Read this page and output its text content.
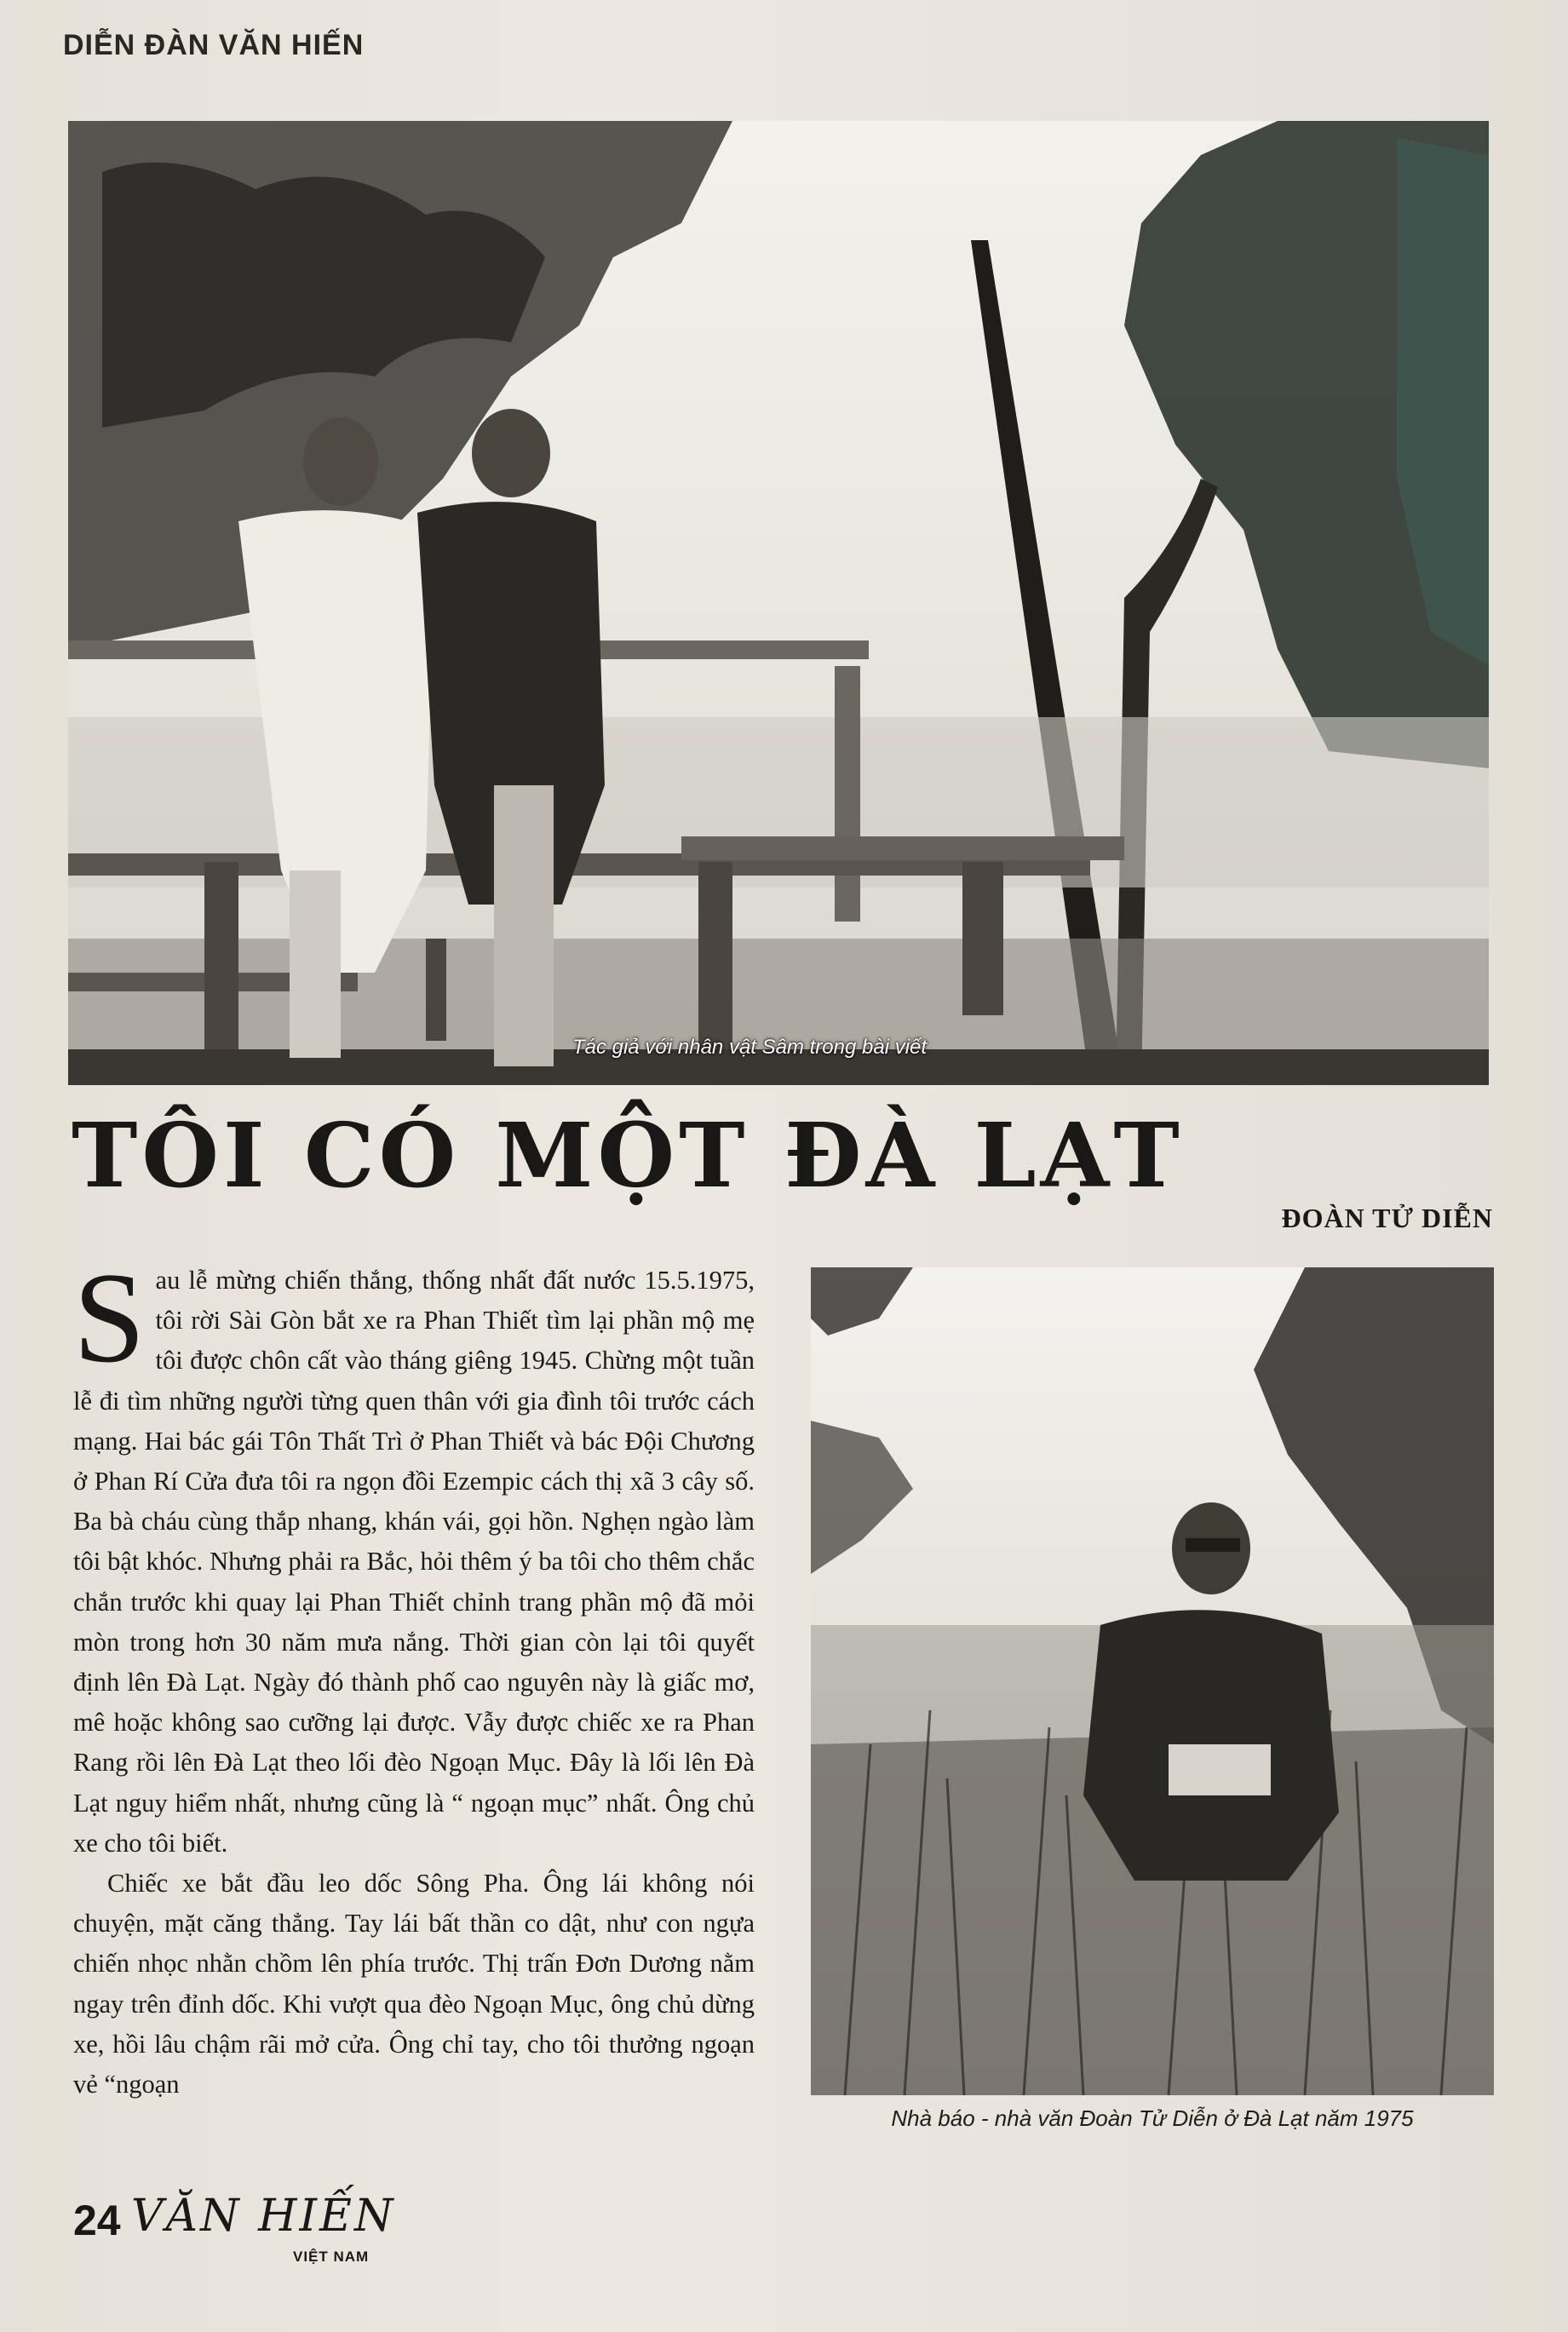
DIỄN ĐÀN VĂN HIẾN
Tác giả với nhân vật Sâm trong bài viết
TÔI CÓ MỘT ĐÀ LẠT
ĐOÀN TỬ DIỄN

Sau lễ mừng chiến thắng, thống nhất đất nước 15.5.1975, tôi rời Sài Gòn bắt xe ra Phan Thiết tìm lại phần mộ mẹ tôi được chôn cất vào tháng giêng 1945. Chừng một tuần lễ đi tìm những người từng quen thân với gia đình tôi trước cách mạng. Hai bác gái Tôn Thất Trì ở Phan Thiết và bác Đội Chương ở Phan Rí Cửa đưa tôi ra ngọn đồi Ezempic cách thị xã 3 cây số. Ba bà cháu cùng thắp nhang, khán vái, gọi hồn. Nghẹn ngào làm tôi bật khóc. Nhưng phải ra Bắc, hỏi thêm ý ba tôi cho thêm chắc chắn trước khi quay lại Phan Thiết chỉnh trang phần mộ đã mỏi mòn trong hơn 30 năm mưa nắng. Thời gian còn lại tôi quyết định lên Đà Lạt. Ngày đó thành phố cao nguyên này là giấc mơ, mê hoặc không sao cưỡng lại được. Vẫy được chiếc xe ra Phan Rang rồi lên Đà Lạt theo lối đèo Ngoạn Mục. Đây là lối lên Đà Lạt nguy hiểm nhất, nhưng cũng là “ ngoạn mục” nhất. Ông chủ xe cho tôi biết.

Chiếc xe bắt đầu leo dốc Sông Pha. Ông lái không nói chuyện, mặt căng thẳng. Tay lái bất thần co dật, như con ngựa chiến nhọc nhằn chồm lên phía trước. Thị trấn Đơn Dương nằm ngay trên đỉnh dốc. Khi vượt qua đèo Ngoạn Mục, ông chủ dừng xe, hồi lâu chậm rãi mở cửa. Ông chỉ tay, cho tôi thưởng ngoạn vẻ “ngoạn

Nhà báo - nhà văn Đoàn Tử Diễn ở Đà Lạt năm 1975
24 VĂN HIẾN
VIỆT NAM
